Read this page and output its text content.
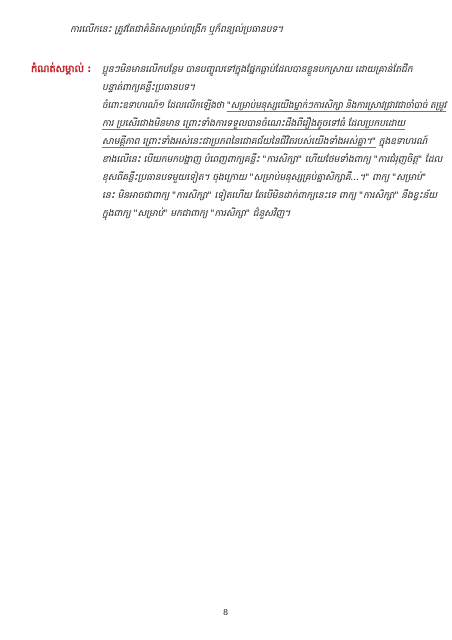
ការលើកនេះ ត្រូវតែជាគំនិតសម្រាប់ពង្រីក ឬក៏ពន្យល់ប្រធានបទ។
កំណត់សម្គាល់ : ប្អូនៗមិនមានលើកបន្ថែម បានបញ្ចូលទៅក្នុងផ្នែកធ្លាប់ដែលបានខ្លួនបកស្រាយ ដោយគ្រាន់តែជីក
បន្ទាត់ពាក្យគន្លឹះប្រធានបទ។
ចំពោះឧទាហរណ៍១ ដែលលើកឡើងថា "សម្រាប់មនុស្សយើងម្នាក់ៗការសិក្សា និងការស្រាវជ្រាវជាចាំបាច់ តម្រូវ
ការ ប្រសើរជាងមិនមាន ព្រោះទាំងការទទួលបានចំណេះដឹងពីរឿងតូចទៅធំ ដែលប្រកបដោយ
សាមគ្គីភាព ព្រោះទាំងអស់នេះជាប្រភពនៃជោគជ័យនៃជីវិតរបស់យើងទាំងអស់គ្នា។" ក្នុងឧទាហរណ៍
ខាងលើនេះ បើយកមកបង្ហាញ បំពេញពាក្យគន្លឹះ "ការសិក្សា" ហើយថែមទាំងពាក្យ "ការជំរុញចិត្ត" ដែល
ខុសពីគន្លឹះប្រធានបទមួយទៀត។ ចុងក្រោយ "សម្រាប់មនុស្សគ្រប់គ្នាសិក្សាគឺ...។" ពាក្យ "សម្រាប់"
នេះ មិនអាចជាពាក្យ "ការសិក្សា" ទៀតហើយ តែបើមិនដាក់ពាក្យនេះទេ ពាក្យ "ការសិក្សា" នឹងខ្វះន័យ
ក្នុងពាក្យ "សម្រាប់" មកជាពាក្យ "ការសិក្សា" ជំនួសវិញ។
8
